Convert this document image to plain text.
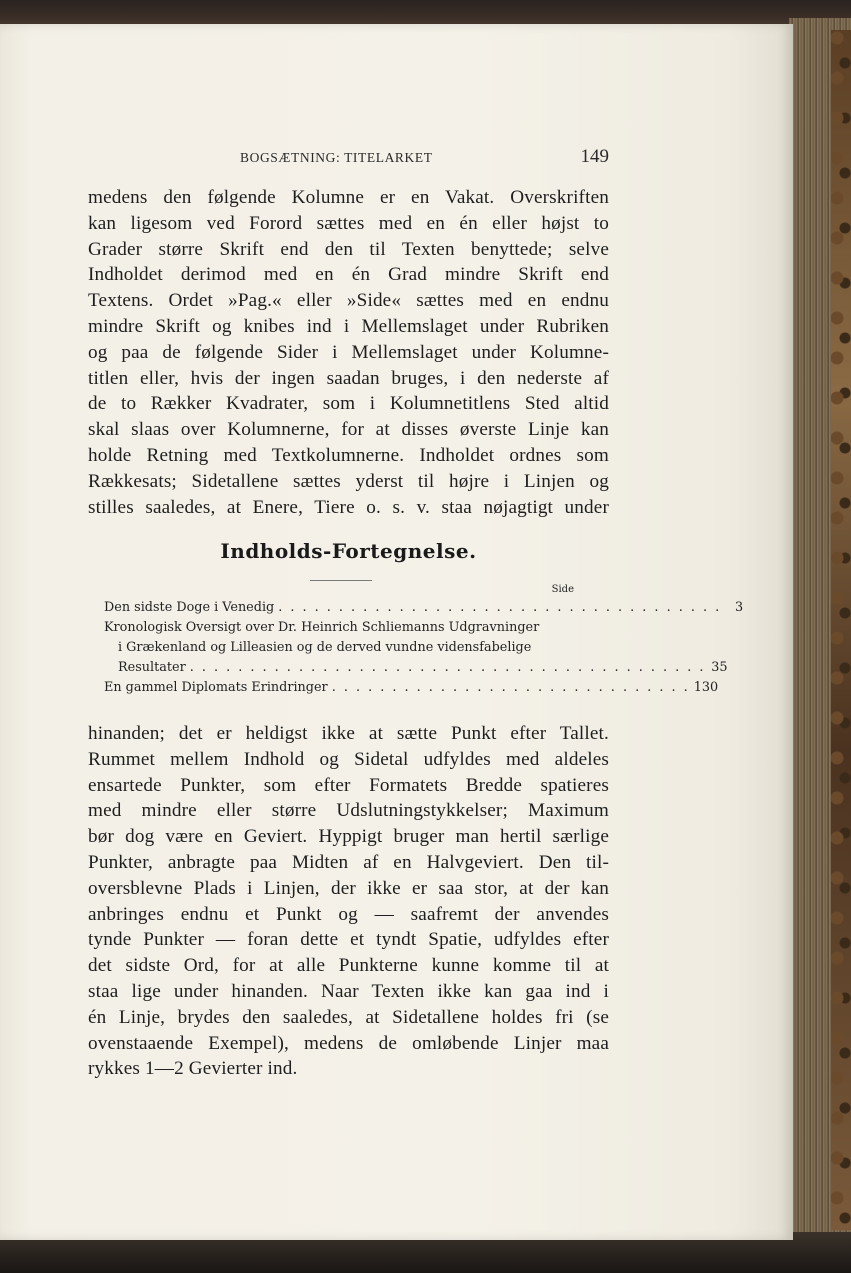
BOGSÆTNING: TITELARKET	149
medens den følgende Kolumne er en Vakat. Overskriften
kan ligesom ved Forord sættes med en én eller højst to
Grader større Skrift end den til Texten benyttede; selve
Indholdet derimod med en én Grad mindre Skrift end
Textens. Ordet »Pag.« eller »Side« sættes med en endnu
mindre Skrift og knibes ind i Mellemslaget under Rubriken
og paa de følgende Sider i Mellemslaget under Kolumne-
titlen eller, hvis der ingen saadan bruges, i den nederste af
de to Rækker Kvadrater, som i Kolumnetitlens Sted altid
skal slaas over Kolumnerne, for at disses øverste Linje kan
holde Retning med Textkolumnerne. Indholdet ordnes som
Rækkesats; Sidetallene sættes yderst til højre i Linjen og
stilles saaledes, at Enere, Tiere o. s. v. staa nøjagtigt under
Indholds-Fortegnelse.
Side
Den sidste Doge i Venedig . . . . . . . . . . . . . . . . . . . . . . . . . . . . . . . . . . . . .	3
Kronologisk Oversigt over Dr. Heinrich Schliemanns Udgravninger
i Grækenland og Lilleasien og de derved vundne vidensfabelige
Resultater . . . . . . . . . . . . . . . . . . . . . . . . . . . . . . . . . . . . . . . . . . . 35
En gammel Diplomats Erindringer . . . . . . . . . . . . . . . . . . . . . . . . . . . . . . 130
hinanden; det er heldigst ikke at sætte Punkt efter Tallet.
Rummet mellem Indhold og Sidetal udfyldes med aldeles
ensartede Punkter, som efter Formatets Bredde spatieres
med mindre eller større Udslutningstykkelser; Maximum
bør dog være en Geviert. Hyppigt bruger man hertil særlige
Punkter, anbragte paa Midten af en Halvgeviert. Den til-
oversblevne Plads i Linjen, der ikke er saa stor, at der kan
anbringes endnu et Punkt og — saafremt der anvendes
tynde Punkter — foran dette et tyndt Spatie, udfyldes efter
det sidste Ord, for at alle Punkterne kunne komme til at
staa lige under hinanden. Naar Texten ikke kan gaa ind i
én Linje, brydes den saaledes, at Sidetallene holdes fri (se
ovenstaaende Exempel), medens de omløbende Linjer maa
rykkes 1—2 Gevierter ind.
